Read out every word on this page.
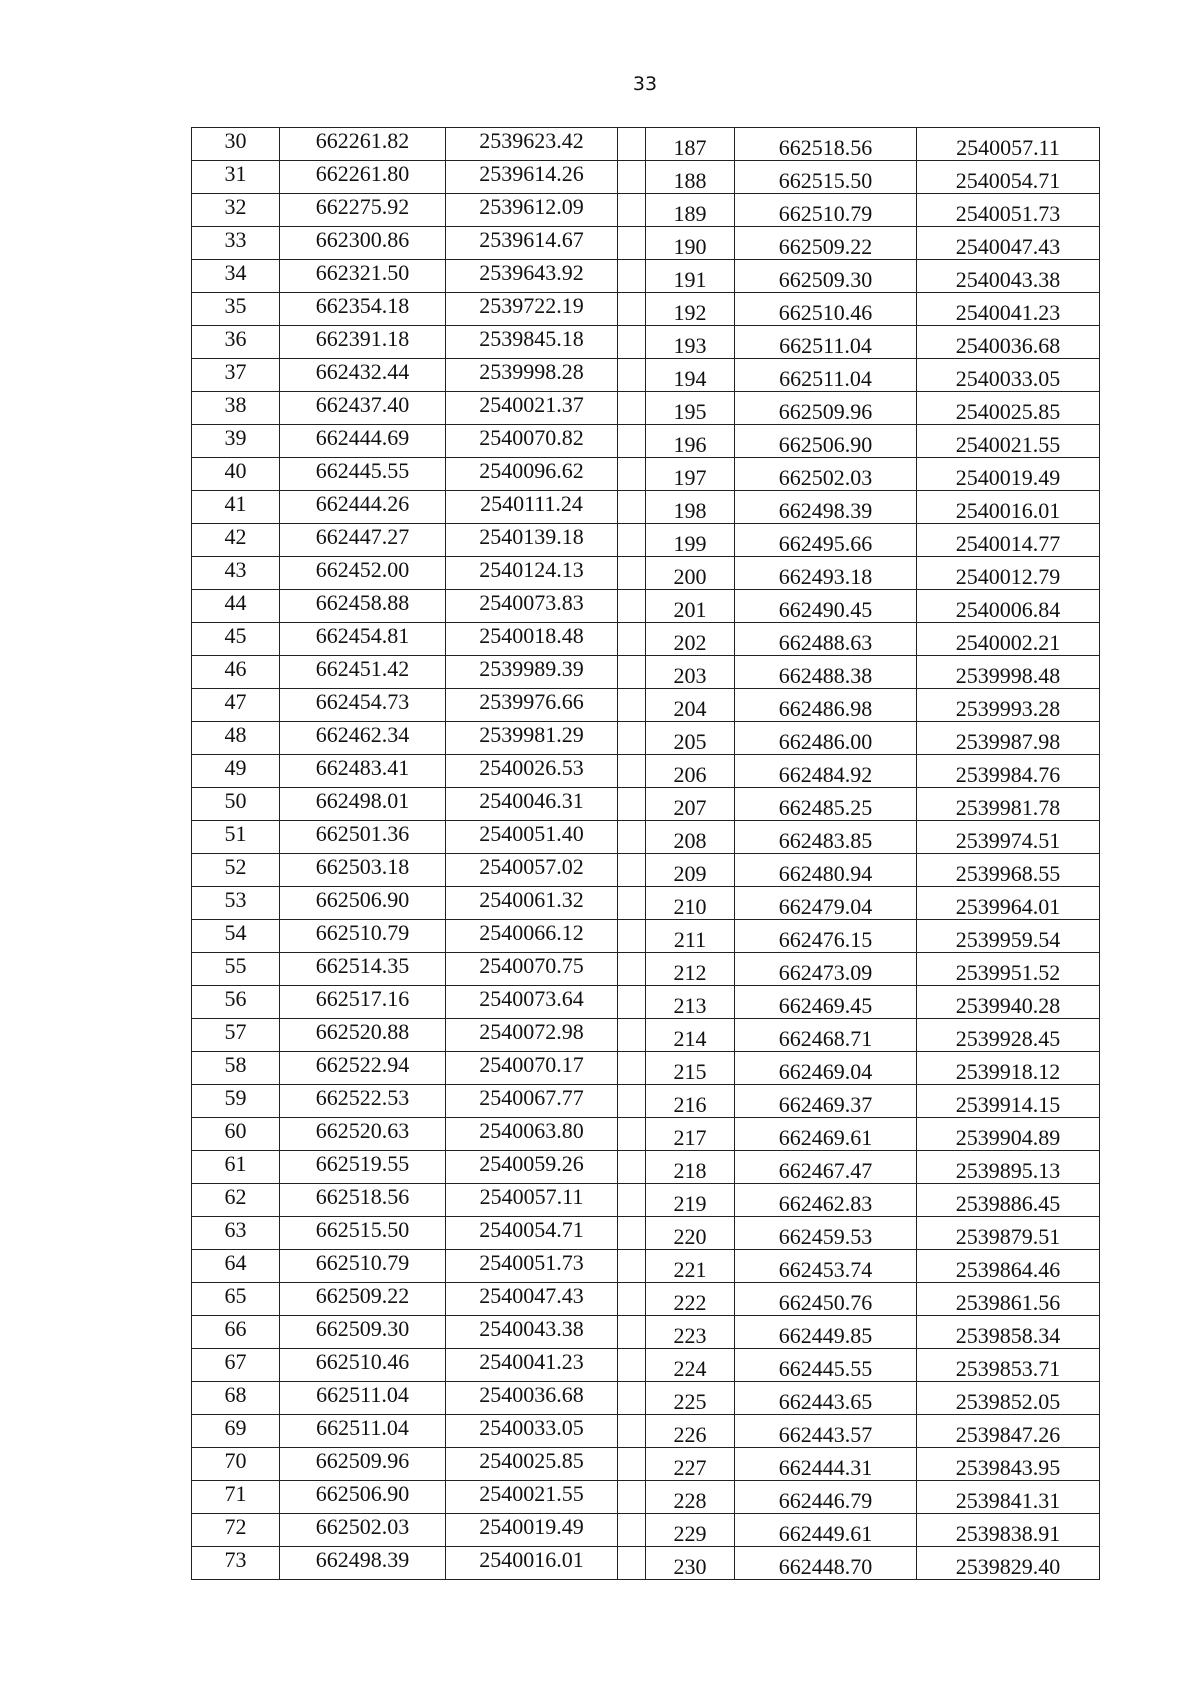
33
30	662261.82	2539623.42		187	662518.56	2540057.11
31	662261.80	2539614.26		188	662515.50	2540054.71
32	662275.92	2539612.09		189	662510.79	2540051.73
33	662300.86	2539614.67		190	662509.22	2540047.43
34	662321.50	2539643.92		191	662509.30	2540043.38
35	662354.18	2539722.19		192	662510.46	2540041.23
36	662391.18	2539845.18		193	662511.04	2540036.68
37	662432.44	2539998.28		194	662511.04	2540033.05
38	662437.40	2540021.37		195	662509.96	2540025.85
39	662444.69	2540070.82		196	662506.90	2540021.55
40	662445.55	2540096.62		197	662502.03	2540019.49
41	662444.26	2540111.24		198	662498.39	2540016.01
42	662447.27	2540139.18		199	662495.66	2540014.77
43	662452.00	2540124.13		200	662493.18	2540012.79
44	662458.88	2540073.83		201	662490.45	2540006.84
45	662454.81	2540018.48		202	662488.63	2540002.21
46	662451.42	2539989.39		203	662488.38	2539998.48
47	662454.73	2539976.66		204	662486.98	2539993.28
48	662462.34	2539981.29		205	662486.00	2539987.98
49	662483.41	2540026.53		206	662484.92	2539984.76
50	662498.01	2540046.31		207	662485.25	2539981.78
51	662501.36	2540051.40		208	662483.85	2539974.51
52	662503.18	2540057.02		209	662480.94	2539968.55
53	662506.90	2540061.32		210	662479.04	2539964.01
54	662510.79	2540066.12		211	662476.15	2539959.54
55	662514.35	2540070.75		212	662473.09	2539951.52
56	662517.16	2540073.64		213	662469.45	2539940.28
57	662520.88	2540072.98		214	662468.71	2539928.45
58	662522.94	2540070.17		215	662469.04	2539918.12
59	662522.53	2540067.77		216	662469.37	2539914.15
60	662520.63	2540063.80		217	662469.61	2539904.89
61	662519.55	2540059.26		218	662467.47	2539895.13
62	662518.56	2540057.11		219	662462.83	2539886.45
63	662515.50	2540054.71		220	662459.53	2539879.51
64	662510.79	2540051.73		221	662453.74	2539864.46
65	662509.22	2540047.43		222	662450.76	2539861.56
66	662509.30	2540043.38		223	662449.85	2539858.34
67	662510.46	2540041.23		224	662445.55	2539853.71
68	662511.04	2540036.68		225	662443.65	2539852.05
69	662511.04	2540033.05		226	662443.57	2539847.26
70	662509.96	2540025.85		227	662444.31	2539843.95
71	662506.90	2540021.55		228	662446.79	2539841.31
72	662502.03	2540019.49		229	662449.61	2539838.91
73	662498.39	2540016.01		230	662448.70	2539829.40
